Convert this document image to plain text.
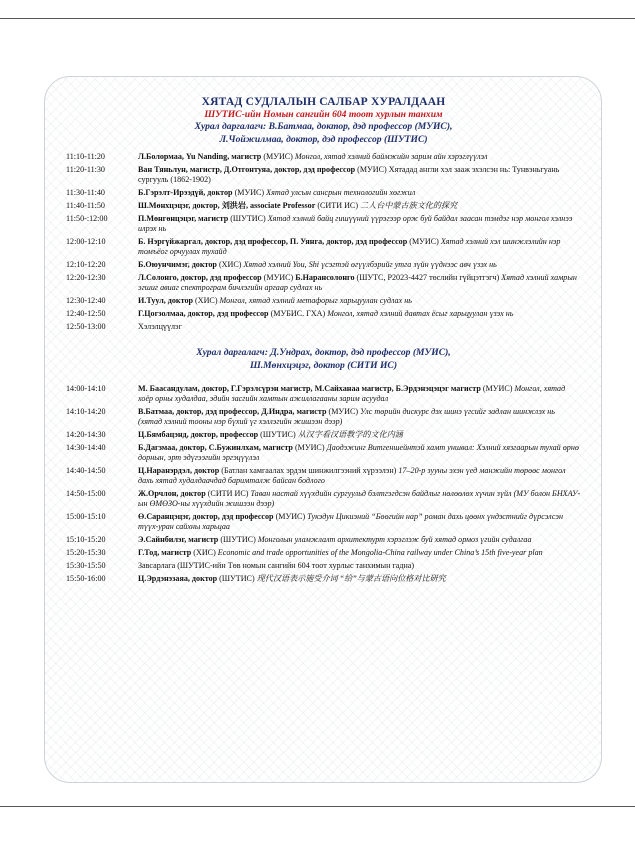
ХЯТАД СУДЛАЛЫН САЛБАР ХУРАЛДААН
ШУТИС-ийн Номын сангийн 604 тоот хурлын танхим
Хурал даргалагч: В.Батмаа, доктор, дэд профессор (МУИС),
Л.Чойжилмаа, доктор, дэд профессор (ШУТИС)
11:10-11:20	Л.Болормаа, Yu Nanding, магистр (МУИС) Монгол, хятад хэлний баймжийн зарим айн хэрэглүүлэл
11:20-11:30	Ван Тяньлун, магистр, Д.Отгонтуяа, доктор, дэд профессор (МУИС) Хятадад англи хэл зааж эхэлсэн нь: Тунвэньгуань сургууль (1862-1902)
11:30-11:40	Б.Гэрэлт-Ирээдүй, доктор (МУИС) Хятад улсын сансрын технологийн хөгжил
11:40-11:50	Ш.Мөнхцэцэг, доктор, 刘洪岩, associate Professor (СИТИ ИС) 二人台中蒙古族文化的探究
11:50-:12:00	П.Мөнгөнцэцэг, магистр (ШУТИС) Хятад хэлний байц гишүүний үүрэгээр орж буй байдал заасан тэмдэг нэр монгол хэлнээ илрэх нь
12:00-12:10	Б. Нэргүйжаргал, доктор, дэд профессор, П. Уянга, доктор, дэд профессор (МУИС) Хятад хэлний хэл шинжлэлийн нэр томъёог орчуулах тухайд
12:10-12:20	Б.Оюунчимэг, доктор (ХИС) Хятад хэлний You, Shi үсэгтэй өгүүлбэрийг утга зүйн үүднээс авч үзэх нь
12:20-12:30	Л.Солонго, доктор, дэд профессор (МУИС) Б.Нарансолонго (ШУТС, P2023-4427 төслийн гүйцэтгэгч) Хятад хэлний хамрын эгшиг авиаг спектрограм бичлэгийн аргаар судлах нь
12:30-12:40	И.Туул, доктор (ХИС) Монгол, хятад хэлний метафорыг харьцуулан судлах нь
12:40-12:50	Г.Цогзолмаа, доктор, дэд профессор (МУБИС. ГХА) Монгол, хятад хэлний давтах ёсыг харьцуулан үзэх нь
12:50-13:00	Хэлэлцүүлэг
Хурал даргалагч: Д.Ундрах, доктор, дэд профессор (МУИС),
Ш.Мөнхцэцэг, доктор (СИТИ ИС)
14:00-14:10	М. Баасандулам, доктор, Г.Гэрэлсүрэн магистр, М.Сайханаа магистр, Б.Эрдэнэцэцэг магистр (МУИС) Монгол, хятад хоёр орны худалдаа, эдийн засгийн хамтын ажиллагааны зарим асуудал
14:10-14:20	В.Батмаа, доктор, дэд профессор, Д.Индра, магистр (МУИС) Улс төрийн дискурс дэх шинэ үгсийг задлан шинжлэх нь (хятад хэлний тооны нэр бүхий үг хэллэгийн жишээн дээр)
14:20-14:30	Ц.Бямбацэнд, доктор, профессор (ШУТИС) 从汉字看汉语教学的文化内涵
14:30-14:40	Б.Дагзмаа, доктор, С.Бужинлхам, магистр (МУИС) Даодэжинг Витгеншейнтэй хамт уншвал: Хэлний хязгаарын тухай өрнө дорнын, эрт эдүгээгийн эргэцүүлэл
14:40-14:50	Ц.Наранэрдэл, доктор (Батлан хамгаалах эрдэм шинжилгээний хүрээлэн) 17–20-р зууны эхэн үед манжийн төрөөс монгол дахь хятад худалдаачдад баримталж байсан бодлого
14:50-15:00	Ж.Орчлон, доктор (СИТИ ИС) Таван настай хүүхдийн сургуульд бэлтгэгдсэн байдлыг нөлөөлөх хүчин зүйл (МУ болон БНХАУ-ын ӨМӨЗО-ны хүүхдийн жишээн дээр)
15:00-15:10	Ө.Саранцэцэг, доктор, дэд профессор (МУИС) Тукэдун Цикиэний “Бөөгийн нар” роман дахь цөөнх үндэстнийг дүрсэлсэн түүх-уран сайхны харьцаа
15:10-15:20	Э.Сайнбилэг, магистр (ШУТИС) Монголын уламжлалт архитектурт хэрэглэж буй хятад ормоз үгийн судалгаа
15:20-15:30	Г.Тод, магистр (ХИС) Economic and trade opportunities of the Mongolia-China railway under China’s 15th five-year plan
15:30-15:50	Завсарлага (ШУТИС-ийн Төв номын сангийн 604 тоот хурлыс танхимын гадна)
15:50-16:00	Ц.Эрдэнэзаяа, доктор (ШУТИС) 现代汉语表示施受介词 “给”与蒙古语向位格对比研究
